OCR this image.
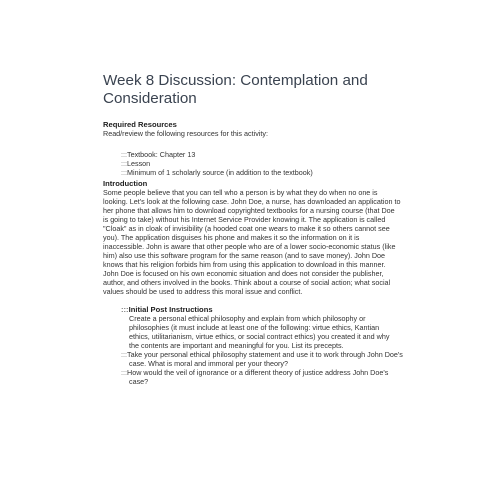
Week 8 Discussion: Contemplation and Consideration

Required Resources

Read/review the following resources for this activity:

:::Textbook: Chapter 13
:::Lesson
:::Minimum of 1 scholarly source (in addition to the textbook)

Introduction

Some people believe that you can tell who a person is by what they do when no one is looking. Let's look at the following case. John Doe, a nurse, has downloaded an application to her phone that allows him to download copyrighted textbooks for a nursing course (that Doe is going to take) without his Internet Service Provider knowing it. The application is called "Cloak" as in cloak of invisibility (a hooded coat one wears to make it so others cannot see you). The application disguises his phone and makes it so the information on it is inaccessible. John is aware that other people who are of a lower socio-economic status (like him) also use this software program for the same reason (and to save money). John Doe knows that his religion forbids him from using this application to download in this manner. John Doe is focused on his own economic situation and does not consider the publisher, author, and others involved in the books. Think about a course of social action; what social values should be used to address this moral issue and conflict.

:::Initial Post Instructions
Create a personal ethical philosophy and explain from which philosophy or philosophies (it must include at least one of the following: virtue ethics, Kantian ethics, utilitarianism, virtue ethics, or social contract ethics) you created it and why the contents are important and meaningful for you. List its precepts.
:::Take your personal ethical philosophy statement and use it to work through John Doe's case. What is moral and immoral per your theory?
:::How would the veil of ignorance or a different theory of justice address John Doe's case?
